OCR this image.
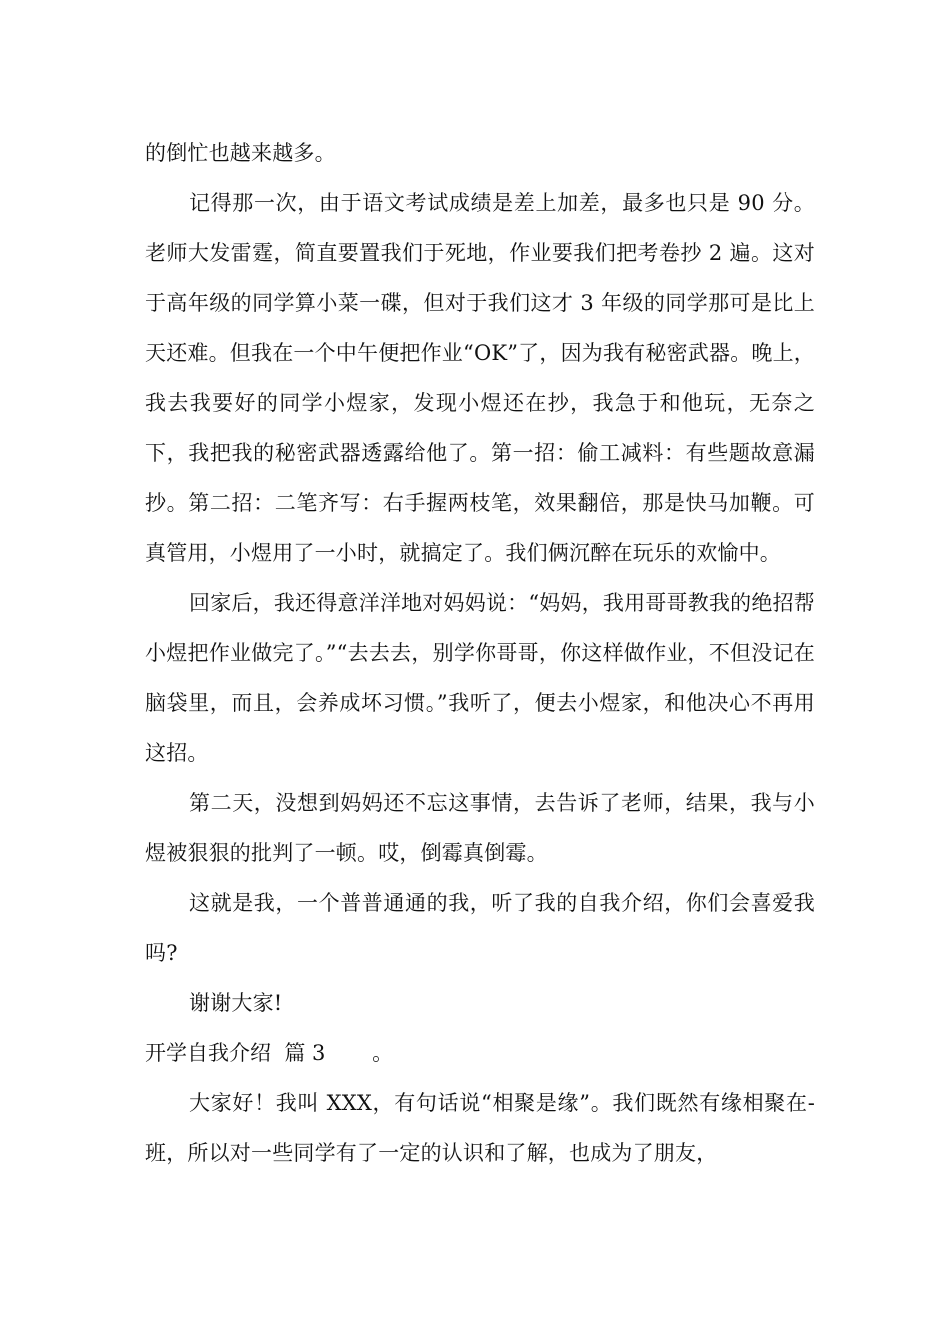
的倒忙也越来越多。

记得那一次，由于语文考试成绩是差上加差，最多也只是 90 分。老师大发雷霆，简直要置我们于死地，作业要我们把考卷抄 2 遍。这对于高年级的同学算小菜一碟，但对于我们这才 3 年级的同学那可是比上天还难。但我在一个中午便把作业“OK”了，因为我有秘密武器。晚上，我去我要好的同学小煜家，发现小煜还在抄，我急于和他玩，无奈之下，我把我的秘密武器透露给他了。第一招：偷工减料：有些题故意漏抄。第二招：二笔齐写：右手握两枝笔，效果翻倍，那是快马加鞭。可真管用，小煜用了一小时，就搞定了。我们俩沉醉在玩乐的欢愉中。

回家后，我还得意洋洋地对妈妈说：“妈妈，我用哥哥教我的绝招帮小煜把作业做完了。”“去去去，别学你哥哥，你这样做作业，不但没记在脑袋里，而且，会养成坏习惯。”我听了，便去小煜家，和他决心不再用这招。

第二天，没想到妈妈还不忘这事情，去告诉了老师，结果，我与小煜被狠狠的批判了一顿。哎，倒霉真倒霉。

这就是我，一个普普通通的我，听了我的自我介绍，你们会喜爱我吗?

谢谢大家!

开学自我介绍  篇 3       。

大家好！我叫 XXX，有句话说“相聚是缘”。我们既然有缘相聚在-班，所以对一些同学有了一定的认识和了解，也成为了朋友，
